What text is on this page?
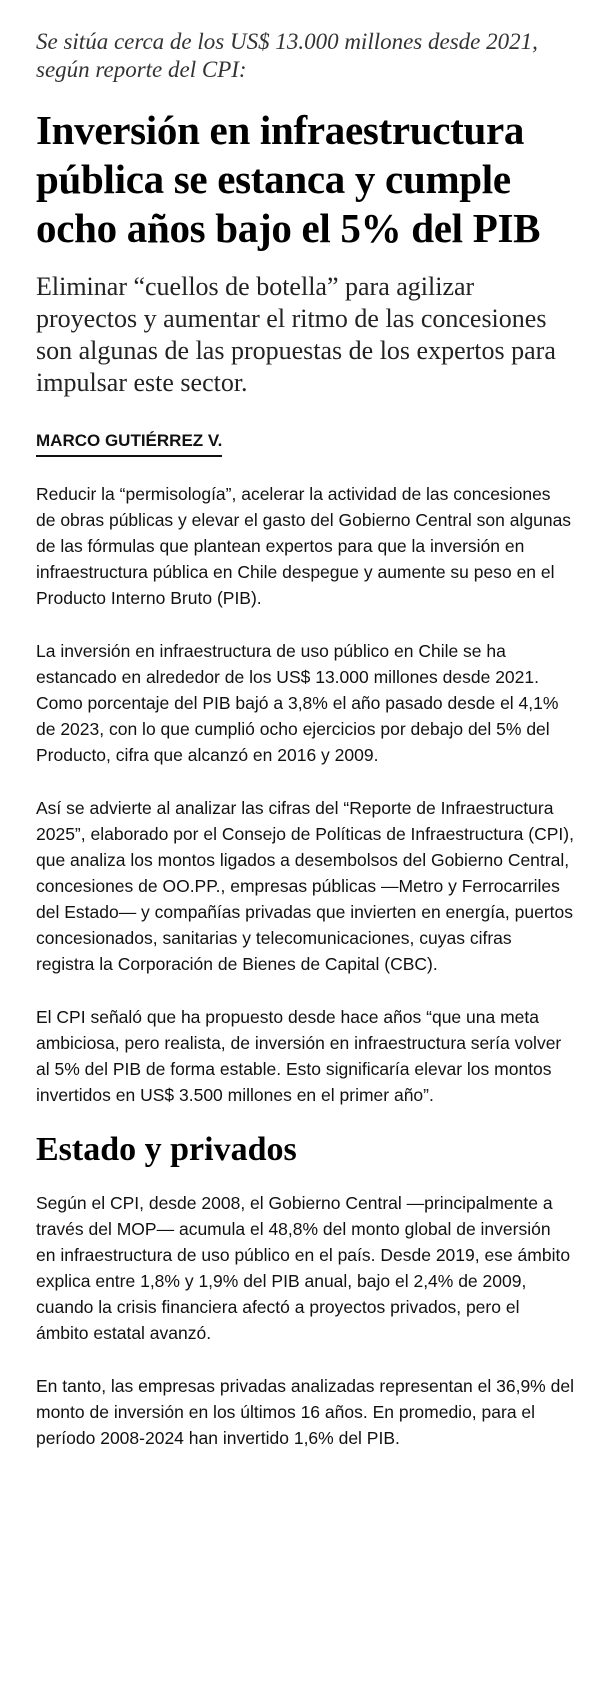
Se sitúa cerca de los US$ 13.000 millones desde 2021, según reporte del CPI:

Inversión en infraestructura pública se estanca y cumple ocho años bajo el 5% del PIB

Eliminar “cuellos de botella” para agilizar proyectos y aumentar el ritmo de las concesiones son algunas de las propuestas de los expertos para impulsar este sector.

MARCO GUTIÉRREZ V.

Reducir la “permisología”, acelerar la actividad de las concesiones de obras públicas y elevar el gasto del Gobierno Central son algunas de las fórmulas que plantean expertos para que la inversión en infraestructura pública en Chile despegue y aumente su peso en el Producto Interno Bruto (PIB).

La inversión en infraestructura de uso público en Chile se ha estancado en alrededor de los US$ 13.000 millones desde 2021. Como porcentaje del PIB bajó a 3,8% el año pasado desde el 4,1% de 2023, con lo que cumplió ocho ejercicios por debajo del 5% del Producto, cifra que alcanzó en 2016 y 2009.

Así se advierte al analizar las cifras del “Reporte de Infraestructura 2025”, elaborado por el Consejo de Políticas de Infraestructura (CPI), que analiza los montos ligados a desembolsos del Gobierno Central, concesiones de OO.PP., empresas públicas —Metro y Ferrocarriles del Estado— y compañías privadas que invierten en energía, puertos concesionados, sanitarias y telecomunicaciones, cuyas cifras registra la Corporación de Bienes de Capital (CBC).

El CPI señaló que ha propuesto desde hace años “que una meta ambiciosa, pero realista, de inversión en infraestructura sería volver al 5% del PIB de forma estable. Esto significaría elevar los montos invertidos en US$ 3.500 millones en el primer año”.

Estado y privados

Según el CPI, desde 2008, el Gobierno Central —principalmente a través del MOP— acumula el 48,8% del monto global de inversión en infraestructura de uso público en el país. Desde 2019, ese ámbito explica entre 1,8% y 1,9% del PIB anual, bajo el 2,4% de 2009, cuando la crisis financiera afectó a proyectos privados, pero el ámbito estatal avanzó.

En tanto, las empresas privadas analizadas representan el 36,9% del monto de inversión en los últimos 16 años. En promedio, para el período 2008-2024 han invertido 1,6% del PIB.
